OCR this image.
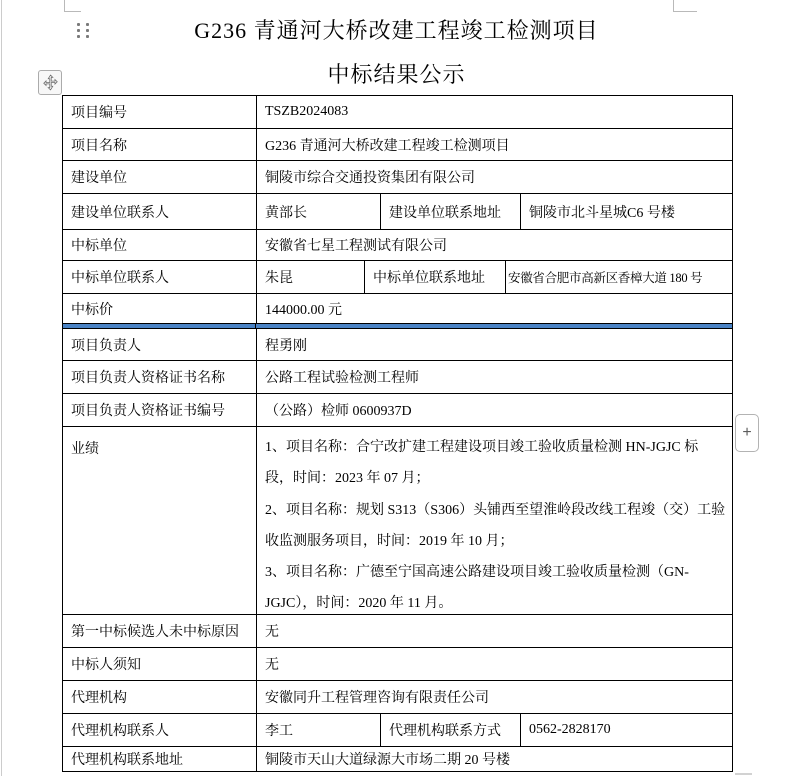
G236 青通河大桥改建工程竣工检测项目
中标结果公示
项目编号	TSZB2024083
项目名称	G236 青通河大桥改建工程竣工检测项目
建设单位	铜陵市综合交通投资集团有限公司
建设单位联系人	黄部长	建设单位联系地址	铜陵市北斗星城C6 号楼
中标单位	安徽省七星工程测试有限公司
中标单位联系人	朱昆	中标单位联系地址	安徽省合肥市高新区香樟大道 180 号
中标价	144000.00 元
项目负责人	程勇刚
项目负责人资格证书名称	公路工程试验检测工程师
项目负责人资格证书编号	（公路）检师 0600937D
业绩	1、项目名称：合宁改扩建工程建设项目竣工验收质量检测 HN-JGJC 标段，时间：2023 年 07 月；
2、项目名称：规划 S313（S306）头铺西至望淮岭段改线工程竣（交）工验收监测服务项目，时间：2019 年 10 月；
3、项目名称：广德至宁国高速公路建设项目竣工验收质量检测（GN-JGJC），时间：2020 年 11 月。
第一中标候选人未中标原因	无
中标人须知	无
代理机构	安徽同升工程管理咨询有限责任公司
代理机构联系人	李工	代理机构联系方式	0562-2828170
代理机构联系地址	铜陵市天山大道绿源大市场二期 20 号楼
+
